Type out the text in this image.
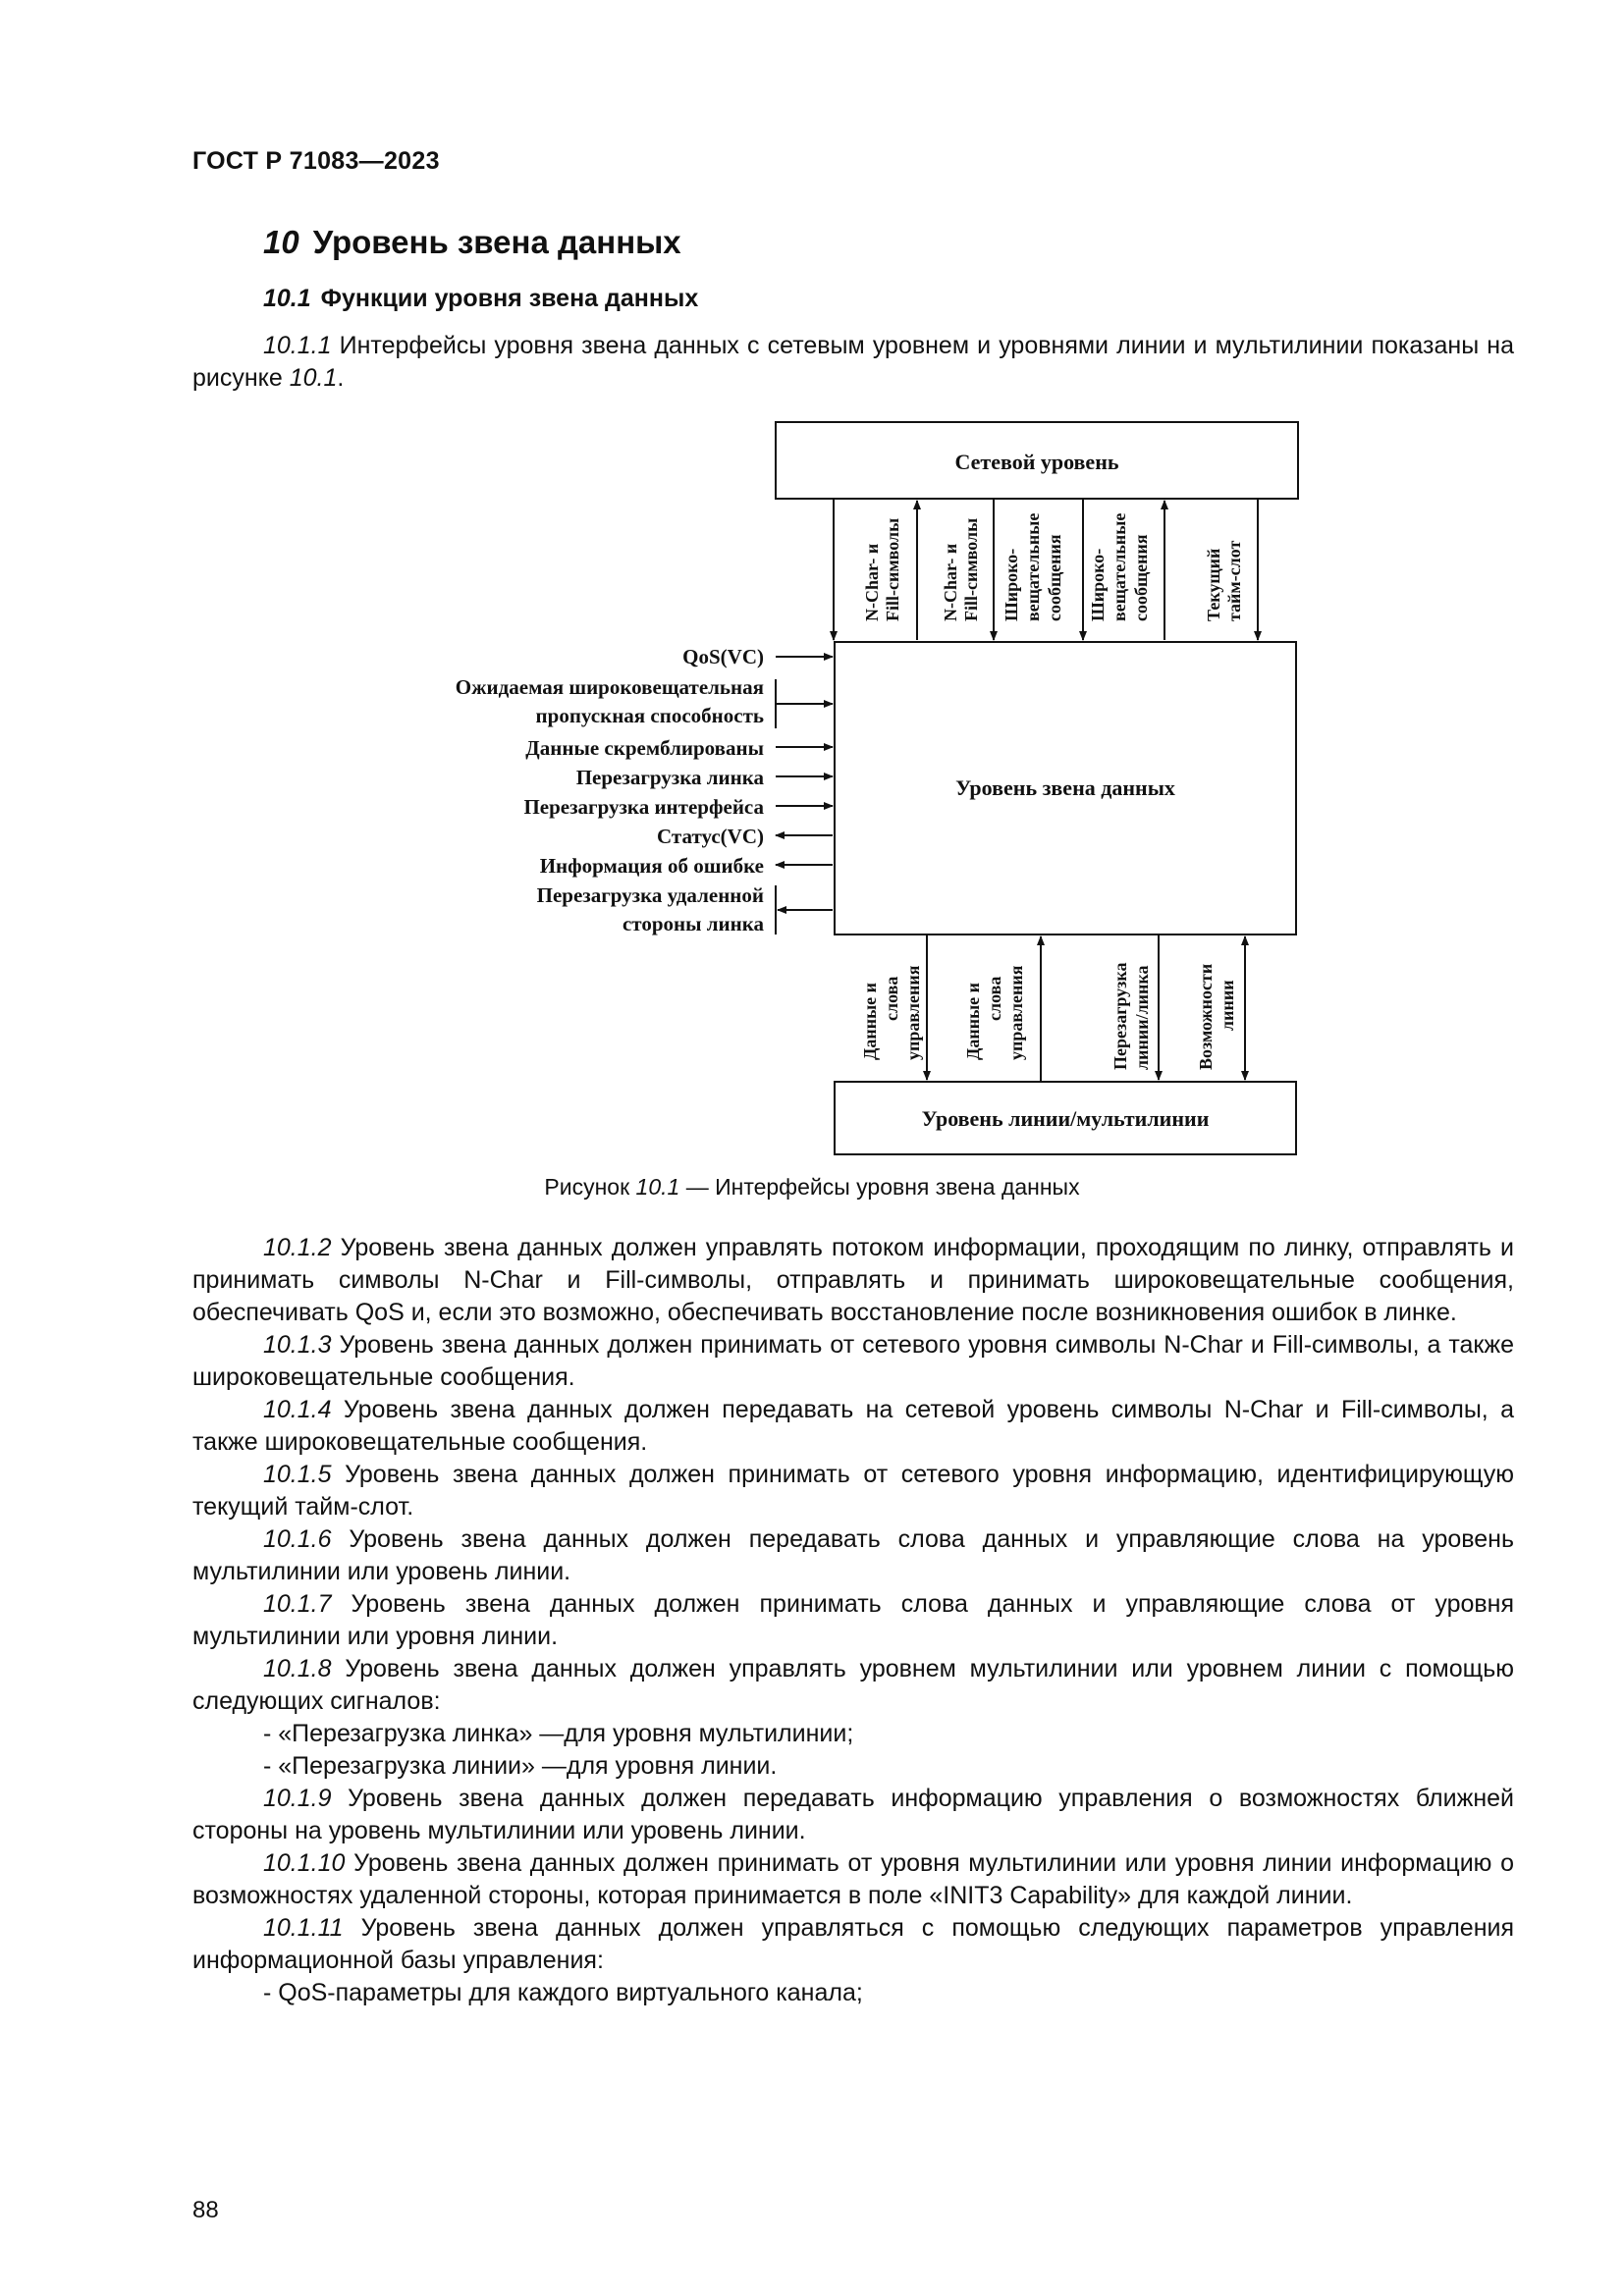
ГОСТ Р 71083—2023
10 Уровень звена данных
10.1 Функции уровня звена данных

10.1.1 Интерфейсы уровня звена данных с сетевым уровнем и уровнями линии и мультилинии показаны на рисунке 10.1.

Сетевой уровень
Уровень звена данных
Уровень линии/мультилинии
N-Char- и Fill-символы N-Char- и Fill-символы Широко- вещательные сообщения Широко- вещательные сообщения	Текущий тайм-слот
QoS(VC)
Ожидаемая широковещательная
пропускная способность
Данные скремблированы
Перезагрузка линка
Перезагрузка интерфейса
Статус(VC)
Информация об ошибке
Перезагрузка удаленной
стороны линка
Данные и слова управления Данные и слова управления	Перезагрузка линии/линка	Возможности линии
Рисунок 10.1 — Интерфейсы уровня звена данных

10.1.2 Уровень звена данных должен управлять потоком информации, проходящим по линку, отправлять и принимать символы N-Char и Fill-символы, отправлять и принимать широковещательные сообщения, обеспечивать QoS и, если это возможно, обеспечивать восстановление после возникновения ошибок в линке.

10.1.3 Уровень звена данных должен принимать от сетевого уровня символы N-Char и Fill-символы, а также широковещательные сообщения.

10.1.4 Уровень звена данных должен передавать на сетевой уровень символы N-Char и Fill-символы, а также широковещательные сообщения.

10.1.5 Уровень звена данных должен принимать от сетевого уровня информацию, идентифицирующую текущий тайм-слот.

10.1.6 Уровень звена данных должен передавать слова данных и управляющие слова на уровень мультилинии или уровень линии.

10.1.7 Уровень звена данных должен принимать слова данных и управляющие слова от уровня мультилинии или уровня линии.

10.1.8 Уровень звена данных должен управлять уровнем мультилинии или уровнем линии с помощью следующих сигналов:

- «Перезагрузка линка» —для уровня мультилинии;

- «Перезагрузка линии» —для уровня линии.

10.1.9 Уровень звена данных должен передавать информацию управления о возможностях ближней стороны на уровень мультилинии или уровень линии.

10.1.10 Уровень звена данных должен принимать от уровня мультилинии или уровня линии информацию о возможностях удаленной стороны, которая принимается в поле «INIT3 Capability» для каждой линии.

10.1.11 Уровень звена данных должен управляться с помощью следующих параметров управления информационной базы управления:

- QoS-параметры для каждого виртуального канала;

88
